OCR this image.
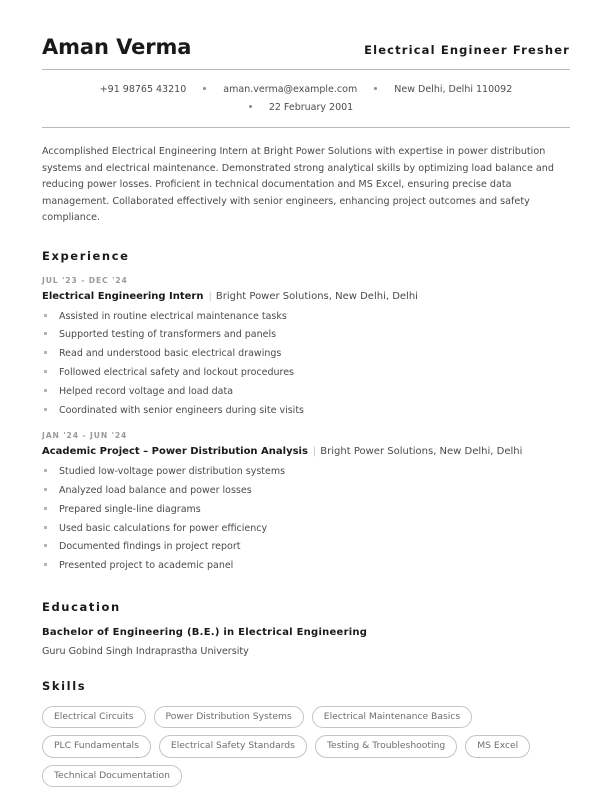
Aman Verma	Electrical Engineer Fresher
+91 98765 43210	aman.verma@example.com	New Delhi, Delhi 110092
22 February 2001
Accomplished Electrical Engineering Intern at Bright Power Solutions with expertise in power distribution systems and electrical maintenance. Demonstrated strong analytical skills by optimizing load balance and reducing power losses. Proficient in technical documentation and MS Excel, ensuring precise data management. Collaborated effectively with senior engineers, enhancing project outcomes and safety compliance.
Experience
JUL '23 - DEC '24
Electrical Engineering Intern | Bright Power Solutions, New Delhi, Delhi
Assisted in routine electrical maintenance tasks
Supported testing of transformers and panels
Read and understood basic electrical drawings
Followed electrical safety and lockout procedures
Helped record voltage and load data
Coordinated with senior engineers during site visits
JAN '24 - JUN '24
Academic Project – Power Distribution Analysis | Bright Power Solutions, New Delhi, Delhi
Studied low-voltage power distribution systems
Analyzed load balance and power losses
Prepared single-line diagrams
Used basic calculations for power efficiency
Documented findings in project report
Presented project to academic panel
Education
Bachelor of Engineering (B.E.) in Electrical Engineering
Guru Gobind Singh Indraprastha University
Skills
Electrical Circuits	Power Distribution Systems	Electrical Maintenance Basics
PLC Fundamentals	Electrical Safety Standards	Testing & Troubleshooting	MS Excel
Technical Documentation
